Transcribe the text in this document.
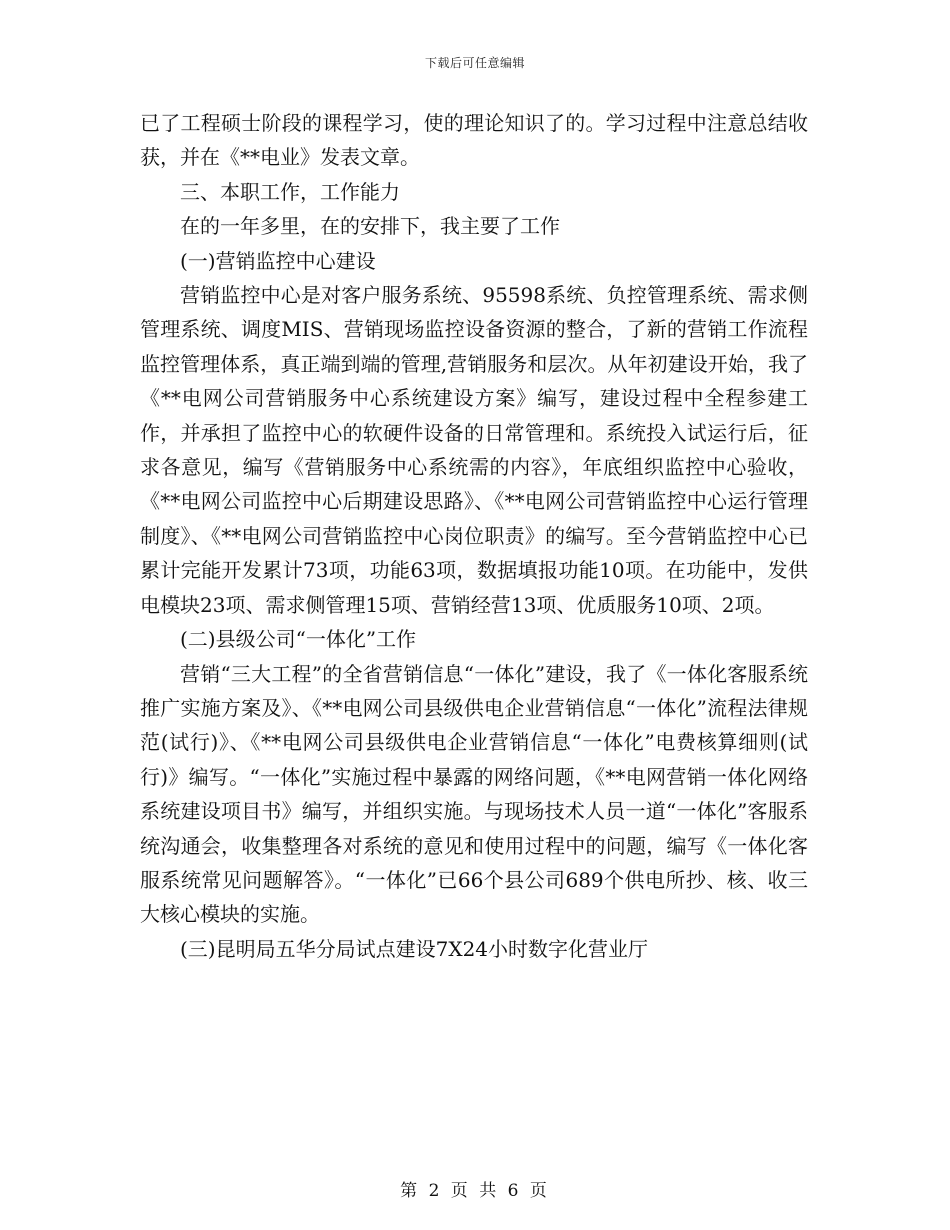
下载后可任意编辑

已了工程硕士阶段的课程学习，使的理论知识了的。学习过程中注意总结收获，并在《**电业》发表文章。

三、本职工作，工作能力

在的一年多里，在的安排下，我主要了工作

(一)营销监控中心建设

营销监控中心是对客户服务系统、95598系统、负控管理系统、需求侧管理系统、调度MIS、营销现场监控设备资源的整合，了新的营销工作流程监控管理体系，真正端到端的管理,营销服务和层次。从年初建设开始，我了《**电网公司营销服务中心系统建设方案》编写，建设过程中全程参建工作，并承担了监控中心的软硬件设备的日常管理和。系统投入试运行后，征求各意见，编写《营销服务中心系统需的内容》，年底组织监控中心验收，《**电网公司监控中心后期建设思路》、《**电网公司营销监控中心运行管理制度》、《**电网公司营销监控中心岗位职责》的编写。至今营销监控中心已累计完能开发累计73项，功能63项，数据填报功能10项。在功能中，发供电模块23项、需求侧管理15项、营销经营13项、优质服务10项、2项。

(二)县级公司“一体化”工作

营销“三大工程”的全省营销信息“一体化”建设，我了《一体化客服系统推广实施方案及》、《**电网公司县级供电企业营销信息“一体化”流程法律规范(试行)》、《**电网公司县级供电企业营销信息“一体化”电费核算细则(试行)》编写。“一体化”实施过程中暴露的网络问题，《**电网营销一体化网络系统建设项目书》编写，并组织实施。与现场技术人员一道“一体化”客服系统沟通会，收集整理各对系统的意见和使用过程中的问题，编写《一体化客服系统常见问题解答》。“一体化”已66个县公司689个供电所抄、核、收三大核心模块的实施。

(三)昆明局五华分局试点建设7X24小时数字化营业厅

第 2 页 共 6 页
